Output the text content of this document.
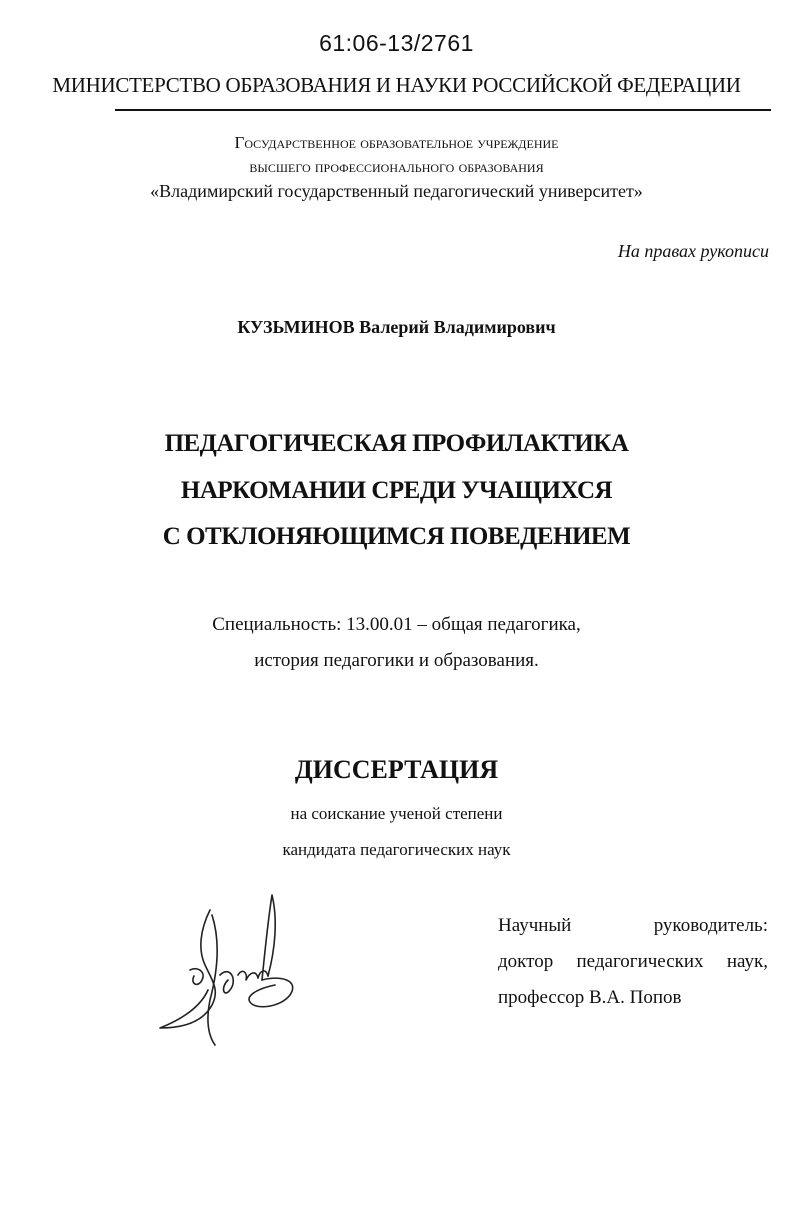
61:06-13/2761
МИНИСТЕРСТВО ОБРАЗОВАНИЯ И НАУКИ РОССИЙСКОЙ ФЕДЕРАЦИИ
Государственное образовательное учреждение
высшего профессионального образования
«Владимирский государственный педагогический университет»
На правах рукописи
КУЗЬМИНОВ Валерий Владимирович
ПЕДАГОГИЧЕСКАЯ ПРОФИЛАКТИКА
НАРКОМАНИИ СРЕДИ УЧАЩИХСЯ
С ОТКЛОНЯЮЩИМСЯ ПОВЕДЕНИЕМ
Специальность: 13.00.01 – общая педагогика,
история педагогики и образования.
ДИССЕРТАЦИЯ
на соискание ученой степени
кандидата педагогических наук
Научный	руководитель:
доктор педагогических наук,
профессор В.А. Попов
